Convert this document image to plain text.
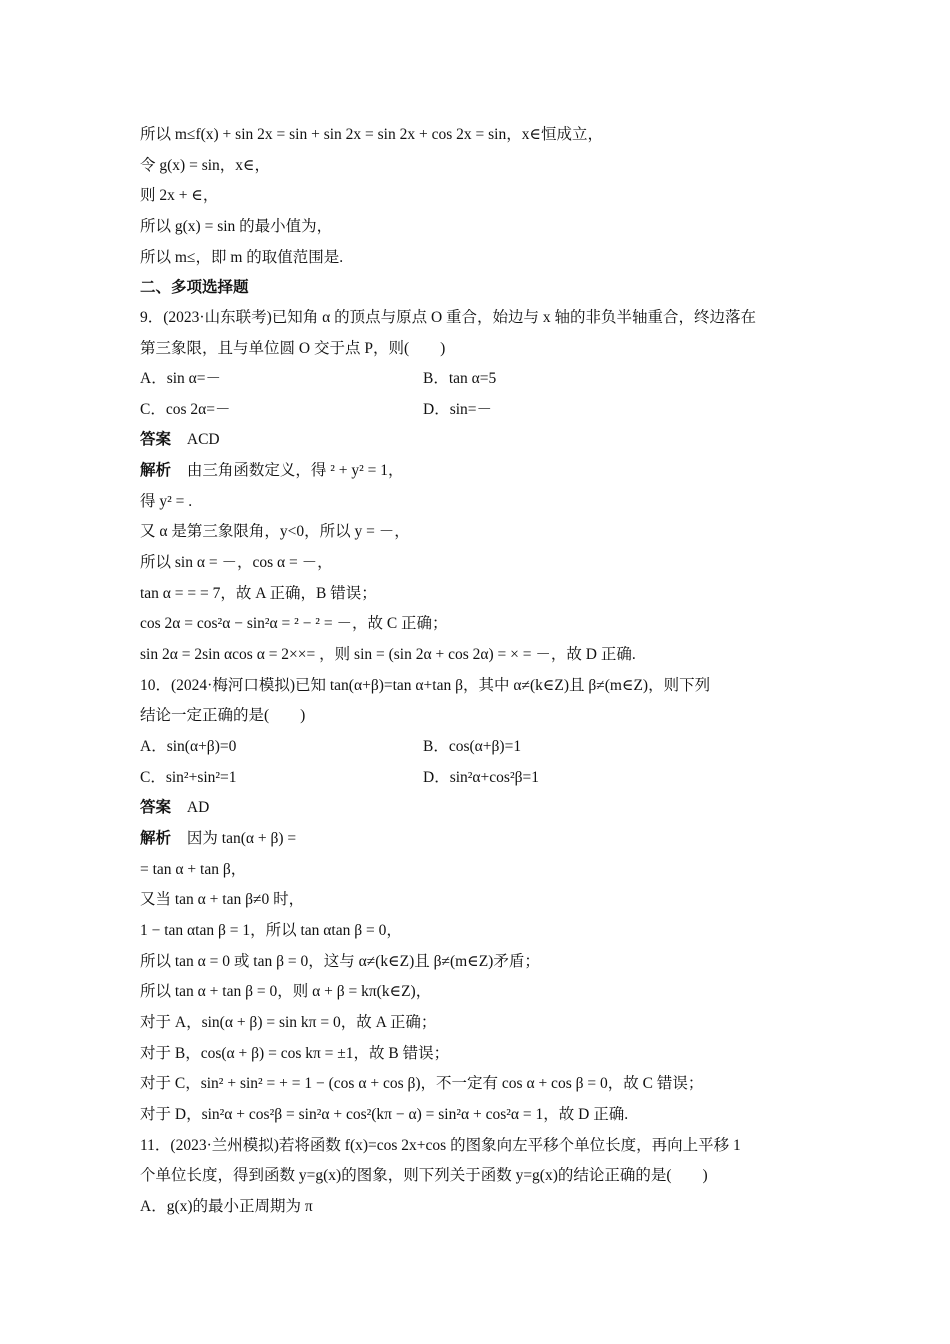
所以 m≤f(x) + sin 2x = sin + sin 2x = sin 2x + cos 2x = sin，x∈恒成立，
令 g(x) = sin，x∈，
则 2x + ∈，
所以 g(x) = sin 的最小值为，
所以 m≤，即 m 的取值范围是.
二、多项选择题
9．(2023·山东联考)已知角 α 的顶点与原点 O 重合，始边与 x 轴的非负半轴重合，终边落在
第三象限，且与单位圆 O 交于点 P，则(　　)
A．sin α=－	B．tan α=5
C．cos 2α=－	D．sin=－
答案 ACD
解析 由三角函数定义，得 ² + y² = 1，
得 y² = .
又 α 是第三象限角，y<0，所以 y = －，
所以 sin α = －，cos α = －，
tan α = = = 7，故 A 正确，B 错误；
cos 2α = cos²α − sin²α = ² − ² = －，故 C 正确；
sin 2α = 2sin αcos α = 2××= ，则 sin = (sin 2α + cos 2α) = × = －，故 D 正确.
10．(2024·梅河口模拟)已知 tan(α+β)=tan α+tan β，其中 α≠(k∈Z)且 β≠(m∈Z)，则下列
结论一定正确的是(　　)
A．sin(α+β)=0	B．cos(α+β)=1
C．sin²+sin²=1	D．sin²α+cos²β=1
答案 AD
解析 因为 tan(α + β) =
= tan α + tan β，
又当 tan α + tan β≠0 时，
1 − tan αtan β = 1，所以 tan αtan β = 0，
所以 tan α = 0 或 tan β = 0，这与 α≠(k∈Z)且 β≠(m∈Z)矛盾；
所以 tan α + tan β = 0，则 α + β = kπ(k∈Z)，
对于 A，sin(α + β) = sin kπ = 0，故 A 正确；
对于 B，cos(α + β) = cos kπ = ±1，故 B 错误；
对于 C，sin² + sin² = + = 1 − (cos α + cos β)，不一定有 cos α + cos β = 0，故 C 错误；
对于 D，sin²α + cos²β = sin²α + cos²(kπ − α) = sin²α + cos²α = 1，故 D 正确.
11．(2023·兰州模拟)若将函数 f(x)=cos 2x+cos 的图象向左平移个单位长度，再向上平移 1
个单位长度，得到函数 y=g(x)的图象，则下列关于函数 y=g(x)的结论正确的是(　　)
A．g(x)的最小正周期为 π
